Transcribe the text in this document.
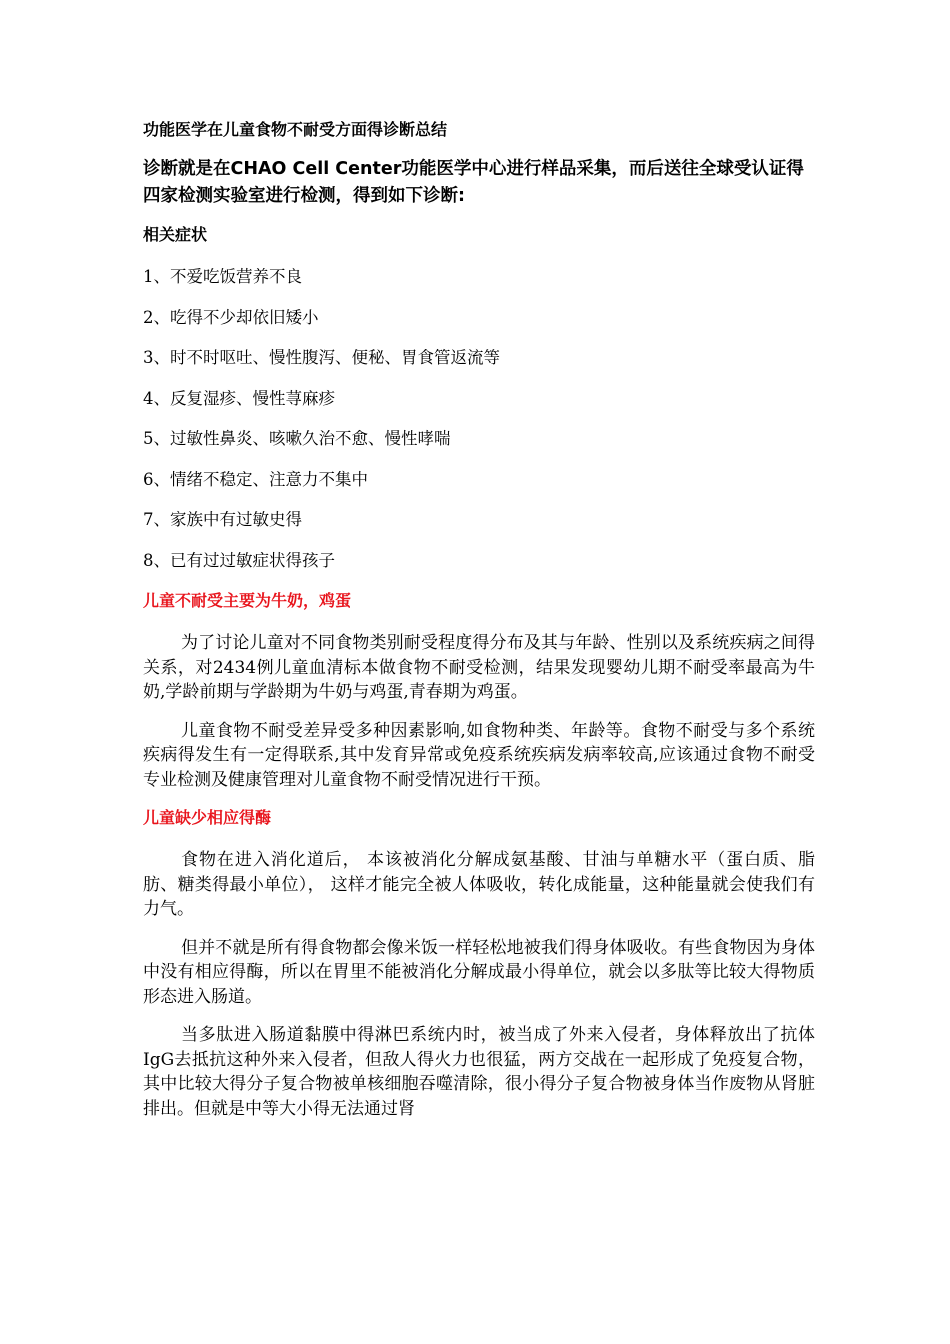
功能医学在儿童食物不耐受方面得诊断总结
诊断就是在CHAO Cell Center功能医学中心进行样品采集，而后送往全球受认证得四家检测实验室进行检测，得到如下诊断:
相关症状
1、不爱吃饭营养不良
2、吃得不少却依旧矮小
3、时不时呕吐、慢性腹泻、便秘、胃食管返流等
4、反复湿疹、慢性荨麻疹
5、过敏性鼻炎、咳嗽久治不愈、慢性哮喘
6、情绪不稳定、注意力不集中
7、家族中有过敏史得
8、已有过过敏症状得孩子
儿童不耐受主要为牛奶，鸡蛋

为了讨论儿童对不同食物类别耐受程度得分布及其与年龄、性别以及系统疾病之间得关系，对2434例儿童血清标本做食物不耐受检测，结果发现婴幼儿期不耐受率最高为牛奶,学龄前期与学龄期为牛奶与鸡蛋,青春期为鸡蛋。

儿童食物不耐受差异受多种因素影响,如食物种类、年龄等。食物不耐受与多个系统疾病得发生有一定得联系,其中发育异常或免疫系统疾病发病率较高,应该通过食物不耐受专业检测及健康管理对儿童食物不耐受情况进行干预。

儿童缺少相应得酶

食物在进入消化道后， 本该被消化分解成氨基酸、甘油与单糖水平（蛋白质、脂肪、糖类得最小单位）， 这样才能完全被人体吸收，转化成能量，这种能量就会使我们有力气。

但并不就是所有得食物都会像米饭一样轻松地被我们得身体吸收。有些食物因为身体中没有相应得酶，所以在胃里不能被消化分解成最小得单位，就会以多肽等比较大得物质形态进入肠道。

当多肽进入肠道黏膜中得淋巴系统内时，被当成了外来入侵者，身体释放出了抗体IgG去抵抗这种外来入侵者，但敌人得火力也很猛，两方交战在一起形成了免疫复合物，其中比较大得分子复合物被单核细胞吞噬清除，很小得分子复合物被身体当作废物从肾脏排出。但就是中等大小得无法通过肾
